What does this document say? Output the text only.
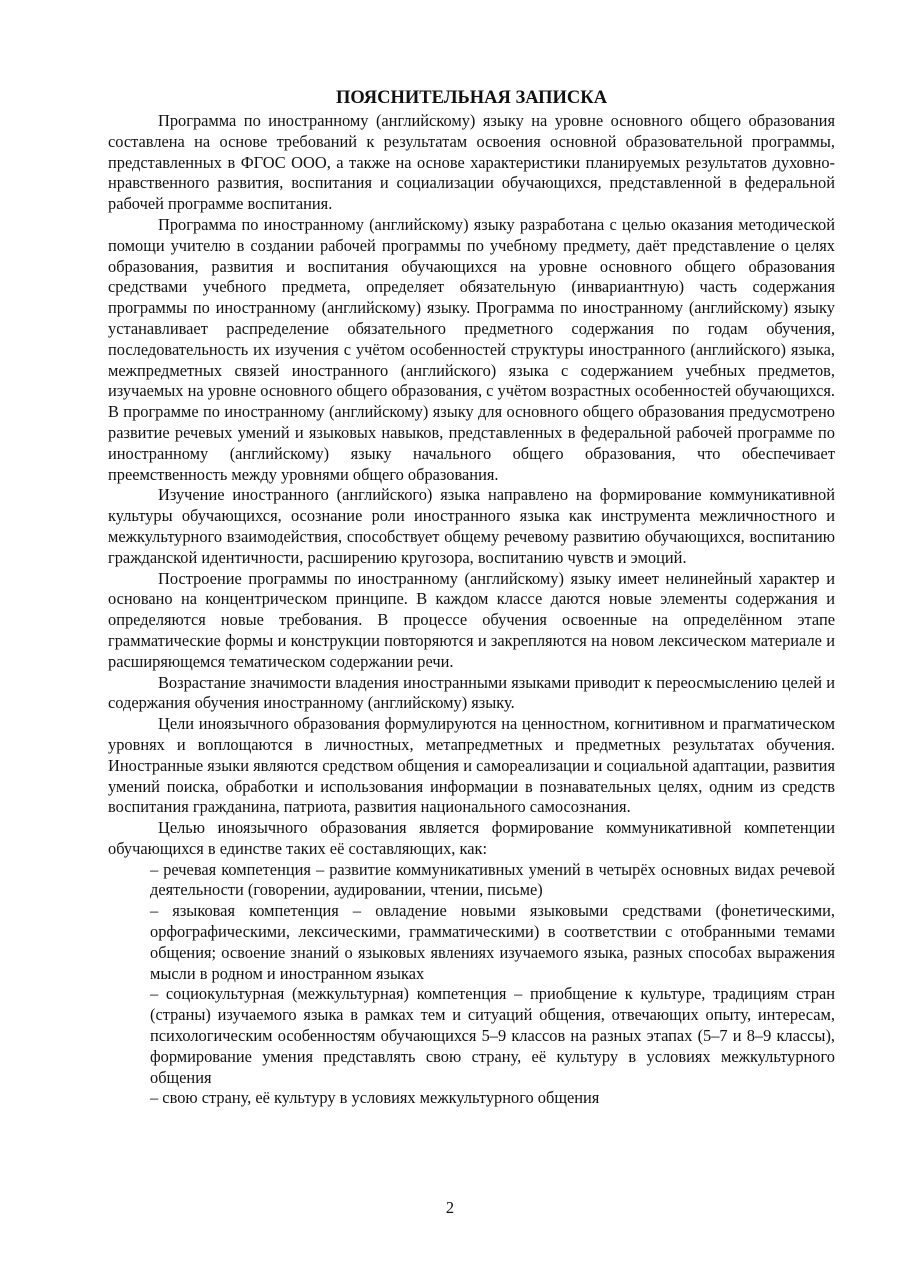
ПОЯСНИТЕЛЬНАЯ ЗАПИСКА

Программа по иностранному (английскому) языку на уровне основного общего образования составлена на основе требований к результатам освоения основной образовательной программы, представленных в ФГОС ООО, а также на основе характеристики планируемых результатов духовно-нравственного развития, воспитания и социализации обучающихся, представленной в федеральной рабочей программе воспитания.

Программа по иностранному (английскому) языку разработана с целью оказания методической помощи учителю в создании рабочей программы по учебному предмету, даёт представление о целях образования, развития и воспитания обучающихся на уровне основного общего образования средствами учебного предмета, определяет обязательную (инвариантную) часть содержания программы по иностранному (английскому) языку. Программа по иностранному (английскому) языку устанавливает распределение обязательного предметного содержания по годам обучения, последовательность их изучения с учётом особенностей структуры иностранного (английского) языка, межпредметных связей иностранного (английского) языка с содержанием учебных предметов, изучаемых на уровне основного общего образования, с учётом возрастных особенностей обучающихся. В программе по иностранному (английскому) языку для основного общего образования предусмотрено развитие речевых умений и языковых навыков, представленных в федеральной рабочей программе по иностранному (английскому) языку начального общего образования, что обеспечивает преемственность между уровнями общего образования.

Изучение иностранного (английского) языка направлено на формирование коммуникативной культуры обучающихся, осознание роли иностранного языка как инструмента межличностного и межкультурного взаимодействия, способствует общему речевому развитию обучающихся, воспитанию гражданской идентичности, расширению кругозора, воспитанию чувств и эмоций.

Построение программы по иностранному (английскому) языку имеет нелинейный характер и основано на концентрическом принципе. В каждом классе даются новые элементы содержания и определяются новые требования. В процессе обучения освоенные на определённом этапе грамматические формы и конструкции повторяются и закрепляются на новом лексическом материале и расширяющемся тематическом содержании речи.

Возрастание значимости владения иностранными языками приводит к переосмыслению целей и содержания обучения иностранному (английскому) языку.

Цели иноязычного образования формулируются на ценностном, когнитивном и прагматическом уровнях и воплощаются в личностных, метапредметных и предметных результатах обучения. Иностранные языки являются средством общения и самореализации и социальной адаптации, развития умений поиска, обработки и использования информации в познавательных целях, одним из средств воспитания гражданина, патриота, развития национального самосознания.

Целью иноязычного образования является формирование коммуникативной компетенции обучающихся в единстве таких её составляющих, как:

– речевая компетенция – развитие коммуникативных умений в четырёх основных видах речевой деятельности (говорении, аудировании, чтении, письме)

– языковая компетенция – овладение новыми языковыми средствами (фонетическими, орфографическими, лексическими, грамматическими) в соответствии с отобранными темами общения; освоение знаний о языковых явлениях изучаемого языка, разных способах выражения мысли в родном и иностранном языках

– социокультурная (межкультурная) компетенция – приобщение к культуре, традициям стран (страны) изучаемого языка в рамках тем и ситуаций общения, отвечающих опыту, интересам, психологическим особенностям обучающихся 5–9 классов на разных этапах (5–7 и 8–9 классы), формирование умения представлять свою страну, её культуру в условиях межкультурного общения

– свою страну, её культуру в условиях межкультурного общения

2
